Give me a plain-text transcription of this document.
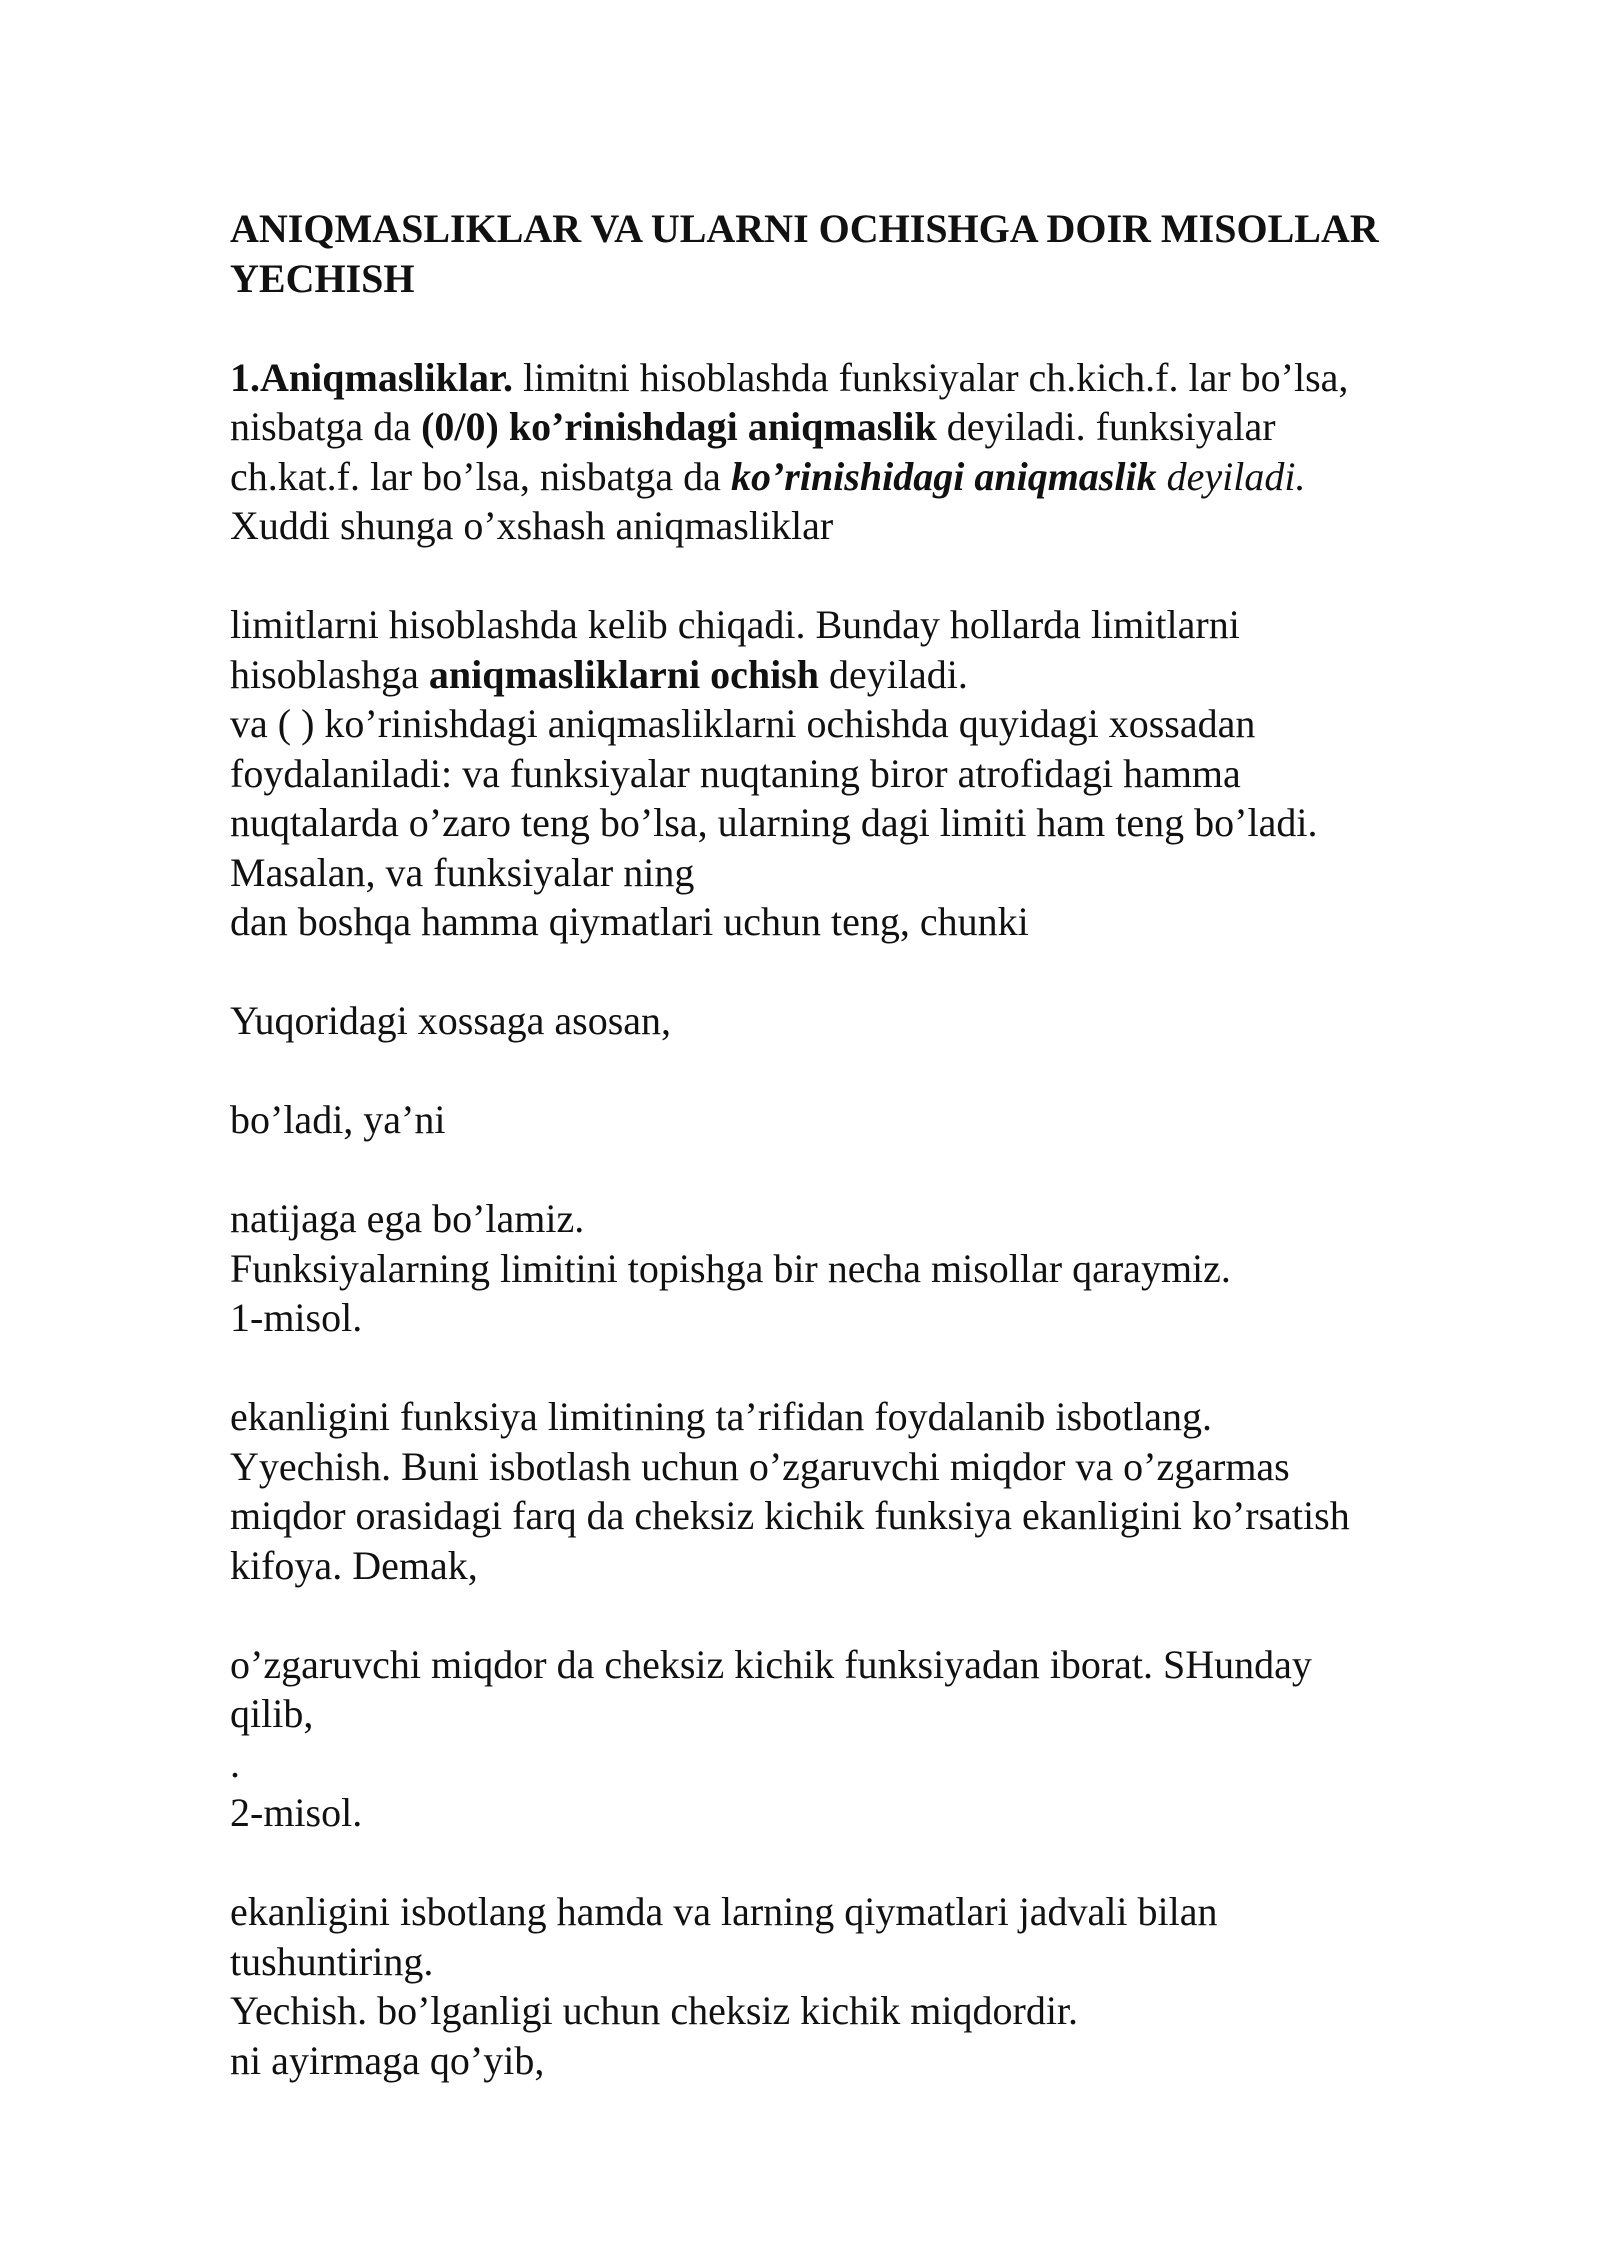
ANIQMASLIKLAR VA ULARNI OCHISHGA DOIR MISOLLAR
YECHISH
1.Aniqmasliklar. limitni hisoblashda funksiyalar ch.kich.f. lar bo’lsa,
nisbatga da (0/0) ko’rinishdagi aniqmaslik deyiladi. funksiyalar
ch.kat.f. lar bo’lsa, nisbatga da ko’rinishidagi aniqmaslik deyiladi.
Xuddi shunga o’xshash aniqmasliklar
limitlarni hisoblashda kelib chiqadi. Bunday hollarda limitlarni
hisoblashga aniqmasliklarni ochish deyiladi.
va ( ) ko’rinishdagi aniqmasliklarni ochishda quyidagi xossadan
foydalaniladi: va funksiyalar nuqtaning biror atrofidagi hamma
nuqtalarda o’zaro teng bo’lsa, ularning dagi limiti ham teng bo’ladi.
Masalan, va funksiyalar ning
dan boshqa hamma qiymatlari uchun teng, chunki
Yuqoridagi xossaga asosan,
bo’ladi, ya’ni
natijaga ega bo’lamiz.
Funksiyalarning limitini topishga bir necha misollar qaraymiz.
1-misol.
ekanligini funksiya limitining ta’rifidan foydalanib isbotlang.
Yyechish. Buni isbotlash uchun o’zgaruvchi miqdor va o’zgarmas
miqdor orasidagi farq da cheksiz kichik funksiya ekanligini ko’rsatish
kifoya. Demak,
o’zgaruvchi miqdor da cheksiz kichik funksiyadan iborat. SHunday
qilib,
.
2-misol.
ekanligini isbotlang hamda va larning qiymatlari jadvali bilan
tushuntiring.
Yechish. bo’lganligi uchun cheksiz kichik miqdordir.
ni ayirmaga qo’yib,
